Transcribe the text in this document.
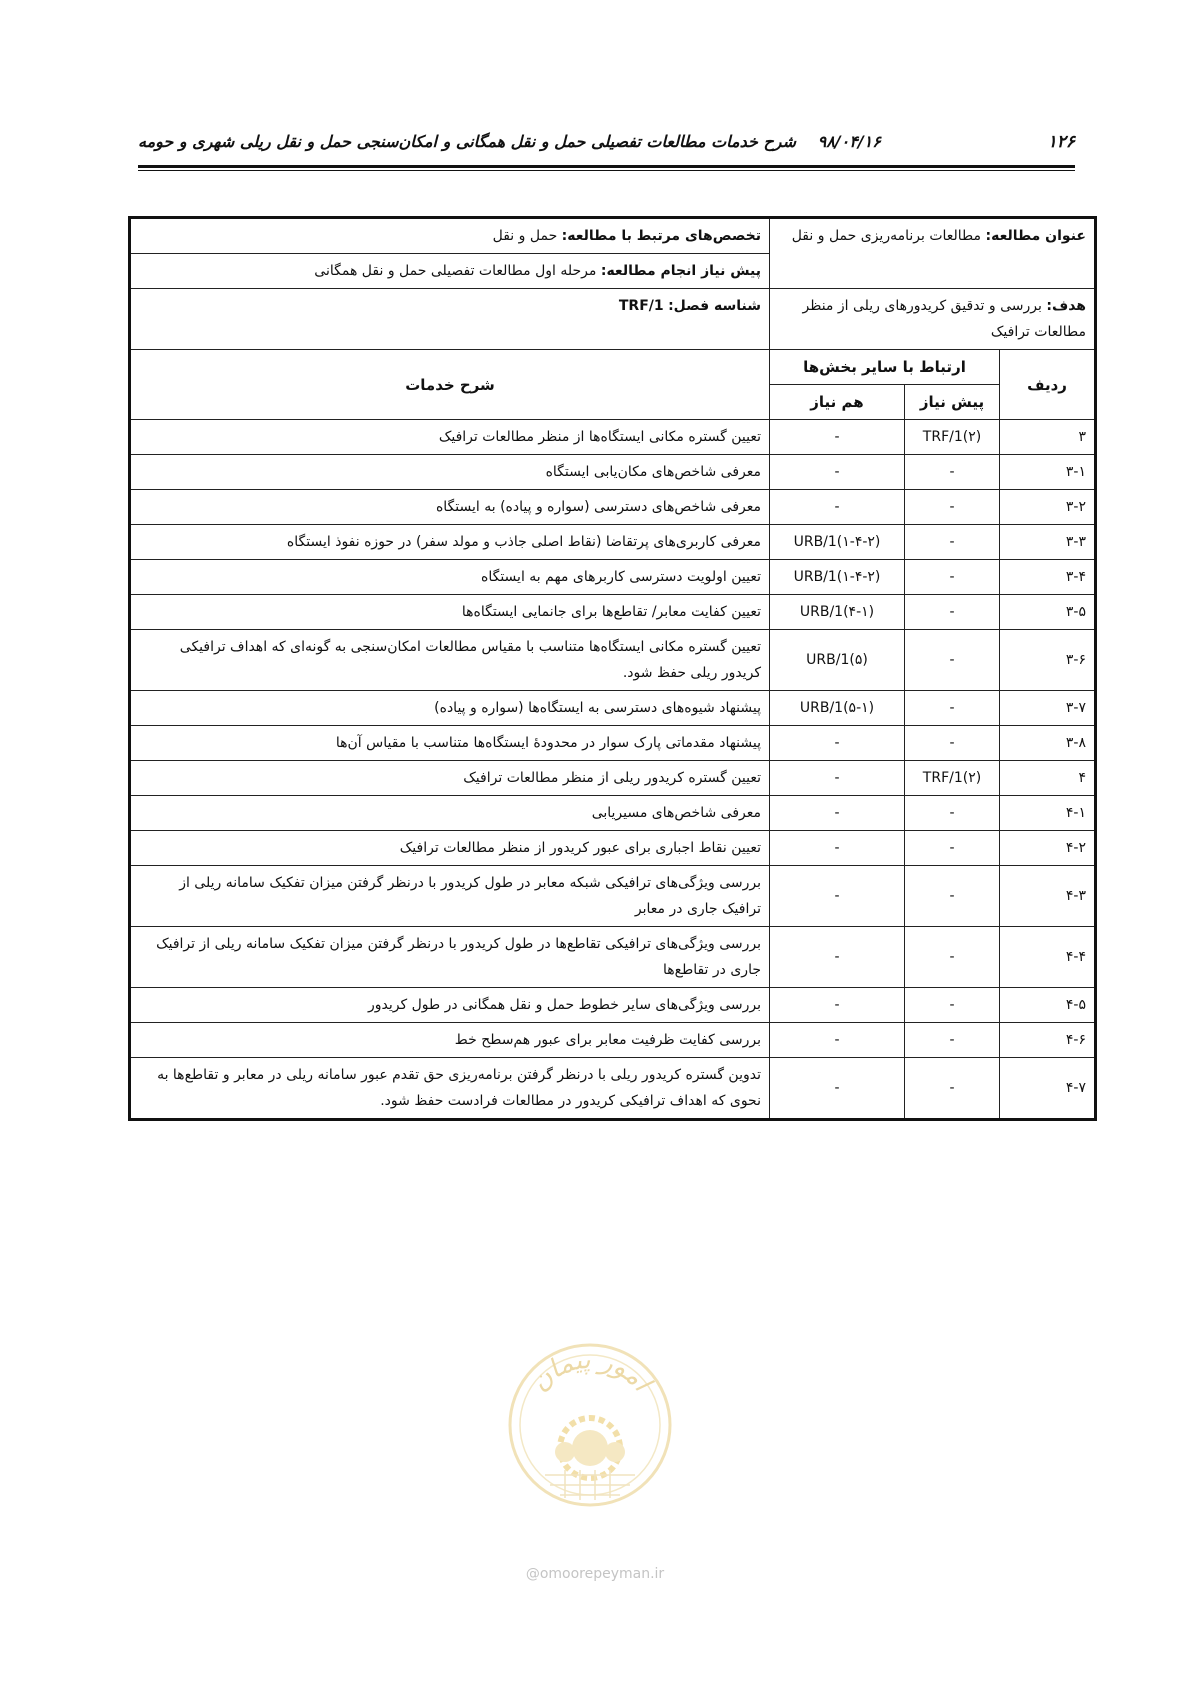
۱۲۶
۹۸/۰۴/۱۶ شرح خدمات مطالعات تفصیلی حمل و نقل همگانی و امکان‌سنجی حمل و نقل ریلی شهری و حومه
عنوان مطالعه: مطالعات برنامه‌ریزی حمل و نقل			تخصص‌های مرتبط با مطالعه: حمل و نقل
			پیش نیاز انجام مطالعه: مرحله اول مطالعات تفصیلی حمل و نقل همگانی
هدف: بررسی و تدقیق کریدورهای ریلی از منظر مطالعات ترافیک			شناسه فصل: TRF/1
ردیف	ارتباط با سایر بخش‌ها		شرح خدمات
	پیش نیاز	هم نیاز	
۳	TRF/1(۲)	-	تعیین گستره مکانی ایستگاه‌ها از منظر مطالعات ترافیک
۳-۱	-	-	معرفی شاخص‌های مکان‌یابی ایستگاه
۳-۲	-	-	معرفی شاخص‌های دسترسی (سواره و پیاده) به ایستگاه
۳-۳	-	URB/1(۱-۴-۲)	معرفی کاربری‌های پرتقاضا (نقاط اصلی جاذب و مولد سفر) در حوزه نفوذ ایستگاه
۳-۴	-	URB/1(۱-۴-۲)	تعیین اولویت دسترسی کاربرهای مهم به ایستگاه
۳-۵	-	URB/1(۴-۱)	تعیین کفایت معابر/ تقاطع‌ها برای جانمایی ایستگاه‌ها
۳-۶	-	URB/1(۵)	تعیین گستره مکانی ایستگاه‌ها متناسب با مقیاس مطالعات امکان‌سنجی به گونه‌ای که اهداف ترافیکی کریدور ریلی حفظ شود.
۳-۷	-	URB/1(۵-۱)	پیشنهاد شیوه‌های دسترسی به ایستگاه‌ها (سواره و پیاده)
۳-۸	-	-	پیشنهاد مقدماتی پارک سوار در محدودهٔ ایستگاه‌ها متناسب با مقیاس آن‌ها
۴	TRF/1(۲)	-	تعیین گستره کریدور ریلی از منظر مطالعات ترافیک
۴-۱	-	-	معرفی شاخص‌های مسیریابی
۴-۲	-	-	تعیین نقاط اجباری برای عبور کریدور از منظر مطالعات ترافیک
۴-۳	-	-	بررسی ویژگی‌های ترافیکی شبکه معابر در طول کریدور با درنظر گرفتن میزان تفکیک سامانه ریلی از ترافیک جاری در معابر
۴-۴	-	-	بررسی ویژگی‌های ترافیکی تقاطع‌ها در طول کریدور با درنظر گرفتن میزان تفکیک سامانه ریلی از ترافیک جاری در تقاطع‌ها
۴-۵	-	-	بررسی ویژگی‌های سایر خطوط حمل و نقل همگانی در طول کریدور
۴-۶	-	-	بررسی کفایت ظرفیت معابر برای عبور هم‌سطح خط
۴-۷	-	-	تدوین گستره کریدور ریلی با درنظر گرفتن برنامه‌ریزی حق تقدم عبور سامانه ریلی در معابر و تقاطع‌ها به نحوی که اهداف ترافیکی کریدور در مطالعات فرادست حفظ شود.
امور پیمان
@omoorepeyman.ir
